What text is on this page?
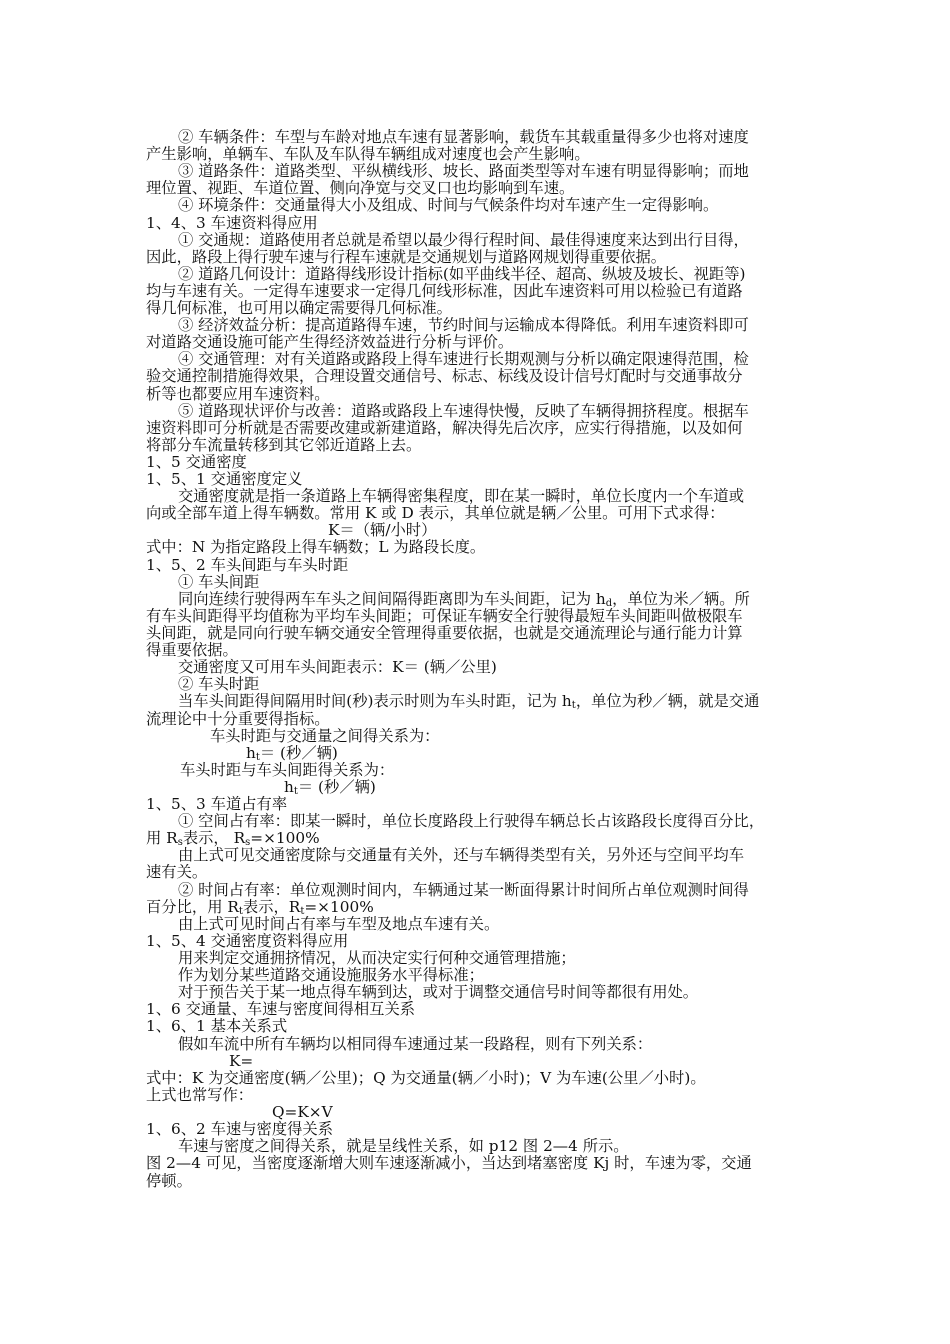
② 车辆条件：车型与车龄对地点车速有显著影响，载货车其载重量得多少也将对速度
产生影响，单辆车、车队及车队得车辆组成对速度也会产生影响。
③ 道路条件：道路类型、平纵横线形、坡长、路面类型等对车速有明显得影响；而地
理位置、视距、车道位置、侧向净宽与交叉口也均影响到车速。
④ 环境条件：交通量得大小及组成、时间与气候条件均对车速产生一定得影响。
1、4、3 车速资料得应用
① 交通规：道路使用者总就是希望以最少得行程时间、最佳得速度来达到出行目得，
因此，路段上得行驶车速与行程车速就是交通规划与道路网规划得重要依据。
② 道路几何设计：道路得线形设计指标(如平曲线半径、超高、纵坡及坡长、视距等)
均与车速有关。一定得车速要求一定得几何线形标准，因此车速资料可用以检验已有道路
得几何标准，也可用以确定需要得几何标准。
③ 经济效益分析：提高道路得车速，节约时间与运输成本得降低。利用车速资料即可
对道路交通设施可能产生得经济效益进行分析与评价。
④ 交通管理：对有关道路或路段上得车速进行长期观测与分析以确定限速得范围，检
验交通控制措施得效果，合理设置交通信号、标志、标线及设计信号灯配时与交通事故分
析等也都要应用车速资料。
⑤ 道路现状评价与改善：道路或路段上车速得快慢，反映了车辆得拥挤程度。根据车
速资料即可分析就是否需要改建或新建道路，解决得先后次序，应实行得措施，以及如何
将部分车流量转移到其它邻近道路上去。
1、5 交通密度
1、5、1 交通密度定义
交通密度就是指一条道路上车辆得密集程度，即在某一瞬时，单位长度内一个车道或
向或全部车道上得车辆数。常用 K 或 D 表示，其单位就是辆／公里。可用下式求得：
K＝（辆/小时）
式中：N 为指定路段上得车辆数；L 为路段长度。
1、5、2 车头间距与车头时距
① 车头间距
同向连续行驶得两车车头之间间隔得距离即为车头间距，记为 $h_d$，单位为米／辆。所
有车头间距得平均值称为平均车头间距；可保证车辆安全行驶得最短车头间距叫做极限车
头间距，就是同向行驶车辆交通安全管理得重要依据，也就是交通流理论与通行能力计算
得重要依据。
交通密度又可用车头间距表示：K＝ (辆／公里)
② 车头时距
当车头间距得间隔用时间(秒)表示时则为车头时距，记为 $h_t$，单位为秒／辆，就是交通
流理论中十分重要得指标。
车头时距与交通量之间得关系为：
$h_t=$ (秒／辆)
车头时距与车头间距得关系为：
$h_t=$ (秒／辆)
1、5、3 车道占有率
① 空间占有率：即某一瞬时，单位长度路段上行驶得车辆总长占该路段长度得百分比，
用 $R_s$表示， $R_s=\times 100\%$
由上式可见交通密度除与交通量有关外，还与车辆得类型有关，另外还与空间平均车
速有关。
② 时间占有率：单位观测时间内，车辆通过某一断面得累计时间所占单位观测时间得
百分比，用 $R_t$表示，$R_t=\times 100\%$
由上式可见时间占有率与车型及地点车速有关。
1、5、4 交通密度资料得应用
用来判定交通拥挤情况，从而决定实行何种交通管理措施；
作为划分某些道路交通设施服务水平得标准；
对于预告关于某一地点得车辆到达，或对于调整交通信号时间等都很有用处。
1、6 交通量、车速与密度间得相互关系
1、6、1 基本关系式
假如车流中所有车辆均以相同得车速通过某一段路程，则有下列关系：
K=
式中：K 为交通密度(辆／公里)；Q 为交通量(辆／小时)；V 为车速(公里／小时)。
上式也常写作：
Q=K×V
1、6、2 车速与密度得关系
车速与密度之间得关系，就是呈线性关系，如 p12 图 2—4 所示。
图 2—4 可见，当密度逐渐增大则车速逐渐减小，当达到堵塞密度 Kj 时，车速为零，交通
停顿。
